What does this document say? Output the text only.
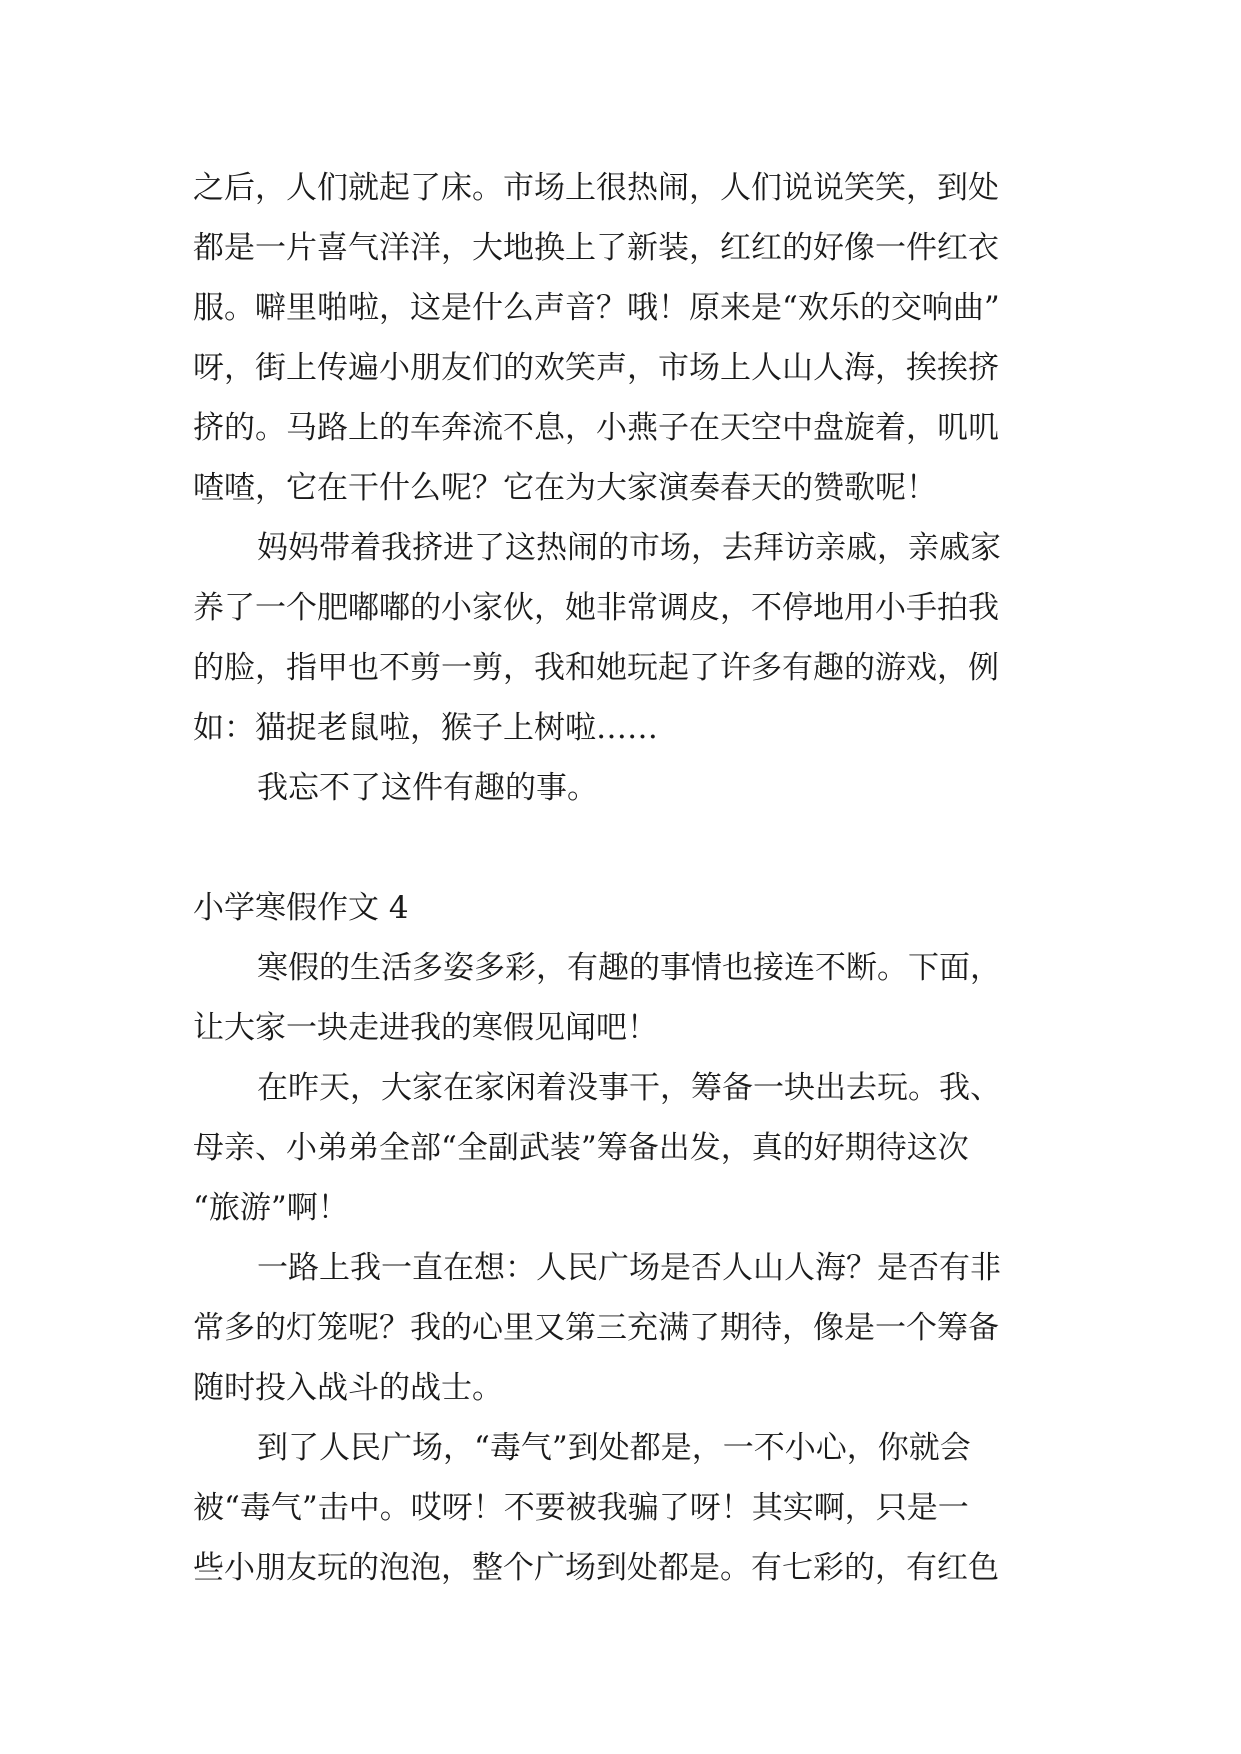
之后，人们就起了床。市场上很热闹，人们说说笑笑，到处
都是一片喜气洋洋，大地换上了新装，红红的好像一件红衣
服。噼里啪啦，这是什么声音？哦！原来是“欢乐的交响曲”
呀，街上传遍小朋友们的欢笑声，市场上人山人海，挨挨挤
挤的。马路上的车奔流不息，小燕子在天空中盘旋着，叽叽
喳喳，它在干什么呢？它在为大家演奏春天的赞歌呢！
妈妈带着我挤进了这热闹的市场，去拜访亲戚，亲戚家
养了一个肥嘟嘟的小家伙，她非常调皮，不停地用小手拍我
的脸，指甲也不剪一剪，我和她玩起了许多有趣的游戏，例
如：猫捉老鼠啦，猴子上树啦……
我忘不了这件有趣的事。
小学寒假作文 4
寒假的生活多姿多彩，有趣的事情也接连不断。下面，
让大家一块走进我的寒假见闻吧！
在昨天，大家在家闲着没事干，筹备一块出去玩。我、
母亲、小弟弟全部“全副武装”筹备出发，真的好期待这次
“旅游”啊！
一路上我一直在想：人民广场是否人山人海？是否有非
常多的灯笼呢？我的心里又第三充满了期待，像是一个筹备
随时投入战斗的战士。
到了人民广场，“毒气”到处都是，一不小心，你就会
被“毒气”击中。哎呀！不要被我骗了呀！其实啊，只是一
些小朋友玩的泡泡，整个广场到处都是。有七彩的，有红色
